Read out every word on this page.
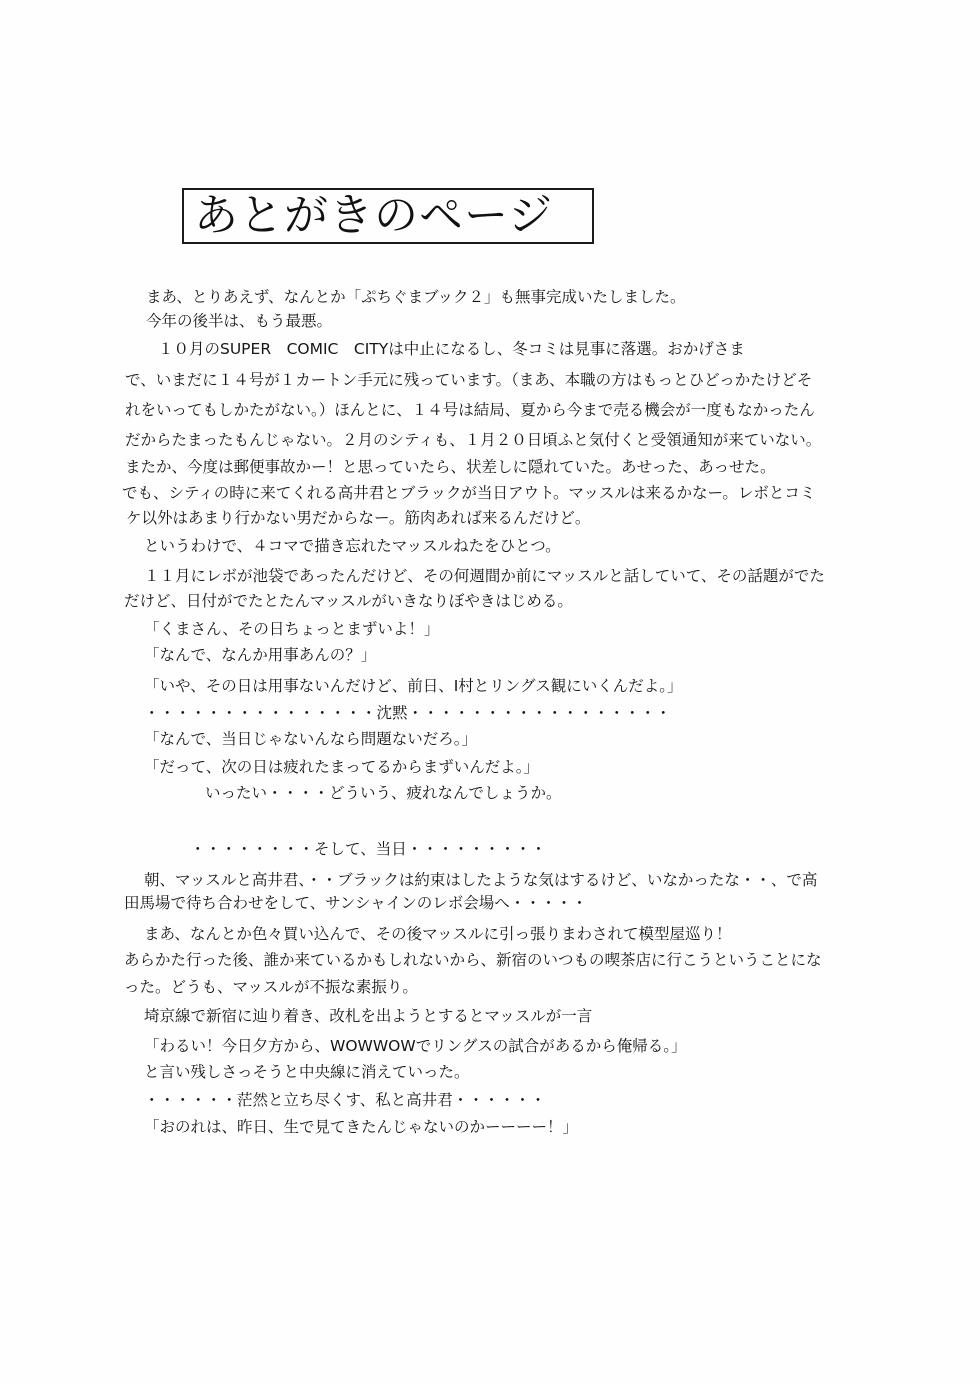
あとがきのページ
まあ、とりあえず、なんとか「ぷちぐまブック２」も無事完成いたしました。
今年の後半は、もう最悪。
１０月のSUPER　COMIC　CITYは中止になるし、冬コミは見事に落選。おかげさま
で、いまだに１４号が１カートン手元に残っています。（まあ、本職の方はもっとひどっかたけどそ
れをいってもしかたがない。）ほんとに、１４号は結局、夏から今まで売る機会が一度もなかったん
だからたまったもんじゃない。２月のシティも、１月２０日頃ふと気付くと受領通知が来ていない。
またか、今度は郵便事故かー！と思っていたら、状差しに隠れていた。あせった、あっせた。
でも、シティの時に来てくれる高井君とブラックが当日アウト。マッスルは来るかなー。レボとコミ
ケ以外はあまり行かない男だからなー。筋肉あれば来るんだけど。
というわけで、４コマで描き忘れたマッスルねたをひとつ。
１１月にレボが池袋であったんだけど、その何週間か前にマッスルと話していて、その話題がでた
だけど、日付がでたとたんマッスルがいきなりぼやきはじめる。
「くまさん、その日ちょっとまずいよ！」
「なんで、なんか用事あんの？」
「いや、その日は用事ないんだけど、前日、I村とリングス観にいくんだよ。」
・・・・・・・・・・・・・・・沈黙・・・・・・・・・・・・・・・・・
「なんで、当日じゃないんなら問題ないだろ。」
「だって、次の日は疲れたまってるからまずいんだよ。」
いったい・・・・どういう、疲れなんでしょうか。
・・・・・・・・そして、当日・・・・・・・・・
朝、マッスルと高井君、・・ブラックは約束はしたような気はするけど、いなかったな・・、で高
田馬場で待ち合わせをして、サンシャインのレボ会場へ・・・・・
まあ、なんとか色々買い込んで、その後マッスルに引っ張りまわされて模型屋巡り！
あらかた行った後、誰か来ているかもしれないから、新宿のいつもの喫茶店に行こうということにな
った。どうも、マッスルが不振な素振り。
埼京線で新宿に辿り着き、改札を出ようとするとマッスルが一言
「わるい！今日夕方から、WOWWOWでリングスの試合があるから俺帰る。」
と言い残しさっそうと中央線に消えていった。
・・・・・・茫然と立ち尽くす、私と高井君・・・・・・
「おのれは、昨日、生で見てきたんじゃないのかーーーー！」
